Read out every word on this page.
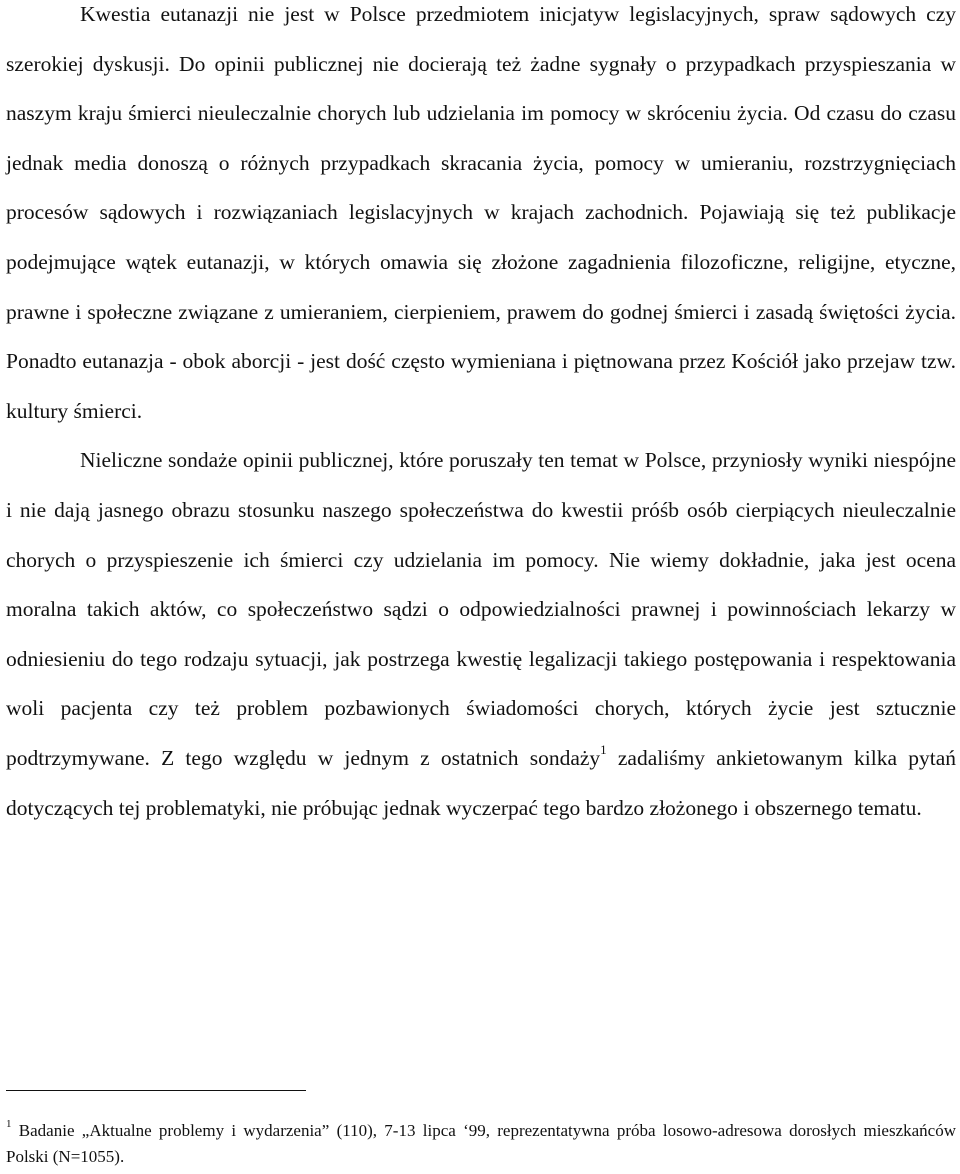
Kwestia eutanazji nie jest w Polsce przedmiotem inicjatyw legislacyjnych, spraw sądowych czy szerokiej dyskusji. Do opinii publicznej nie docierają też żadne sygnały o przypadkach przyspieszania w naszym kraju śmierci nieuleczalnie chorych lub udzielania im pomocy w skróceniu życia. Od czasu do czasu jednak media donoszą o różnych przypadkach skracania życia, pomocy w umieraniu, rozstrzygnięciach procesów sądowych i rozwiązaniach legislacyjnych w krajach zachodnich. Pojawiają się też publikacje podejmujące wątek eutanazji, w których omawia się złożone zagadnienia filozoficzne, religijne, etyczne, prawne i społeczne związane z umieraniem, cierpieniem, prawem do godnej śmierci i zasadą świętości życia. Ponadto eutanazja - obok aborcji - jest dość często wymieniana i piętnowana przez Kościół jako przejaw tzw. kultury śmierci.

Nieliczne sondaże opinii publicznej, które poruszały ten temat w Polsce, przyniosły wyniki niespójne i nie dają jasnego obrazu stosunku naszego społeczeństwa do kwestii próśb osób cierpiących nieuleczalnie chorych o przyspieszenie ich śmierci czy udzielania im pomocy. Nie wiemy dokładnie, jaka jest ocena moralna takich aktów, co społeczeństwo sądzi o odpowiedzialności prawnej i powinnościach lekarzy w odniesieniu do tego rodzaju sytuacji, jak postrzega kwestię legalizacji takiego postępowania i respektowania woli pacjenta czy też problem pozbawionych świadomości chorych, których życie jest sztucznie podtrzymywane. Z tego względu w jednym z ostatnich sondaży$^1$ zadaliśmy ankietowanym kilka pytań dotyczących tej problematyki, nie próbując jednak wyczerpać tego bardzo złożonego i obszernego tematu.

$^1$ Badanie „Aktualne problemy i wydarzenia” (110), 7-13 lipca ‘99, reprezentatywna próba losowo-adresowa dorosłych mieszkańców Polski (N=1055).
